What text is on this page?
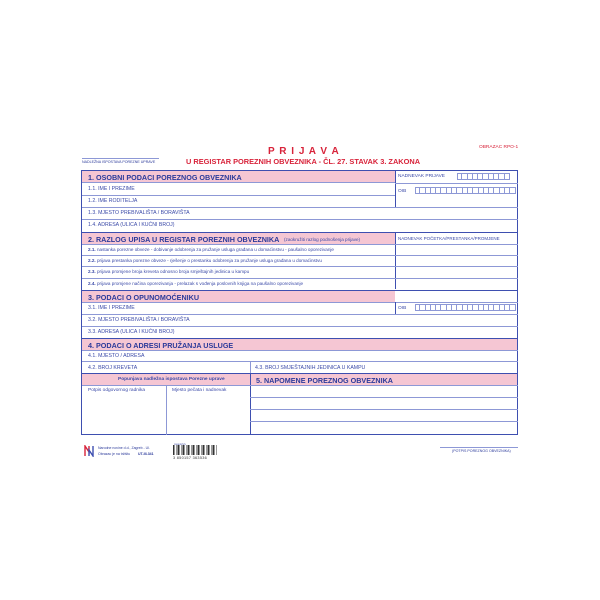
P R I J A V A
U REGISTAR POREZNIH OBVEZNIKA - ČL. 27. STAVAK 3. ZAKONA
OBRAZAC RPO-1
NADLEŽNA ISPOSTAVA POREZNE UPRAVE
1. OSOBNI PODACI POREZNOG OBVEZNIKA
1.1. IME I PREZIME
1.2. IME RODITELJA
1.3. MJESTO PREBIVALIŠTA / BORAVIŠTA
1.4. ADRESA (ULICA I KUĆNI BROJ)
NADNEVAK PRIJAVE
OIB
2. RAZLOG UPISA U REGISTAR POREZNIH OBVEZNIKA (zaokružiti razlog podnošenja prijave)	NADNEVAK POČETKA/PRESTANKA/PROMJENE
2.1. nastanka porezne obveze - dobivanje odobrenja za pružanje usluga građana u domaćinstvu - paušalno oporezivanje
2.2. prijava prestanka porezne obveze - rješenje o prestanku odobrenja za pružanje usluga građana u domaćinstvu
2.3. prijava promjene broja kreveta odnosno broja smještajnih jedinica u kampu
2.4. prijava promjene načina oporezivanja - prelazak s vođenja poslovnih knjiga na paušalno oporezivanje
3. PODACI O OPUNOMOĆENIKU
3.1. IME I PREZIME	OIB
3.2. MJESTO PREBIVALIŠTA / BORAVIŠTA
3.3. ADRESA (ULICA I KUĆNI BROJ)
4. PODACI O ADRESI PRUŽANJA USLUGE
4.1. MJESTO / ADRESA
4.2. BROJ KREVETA	4.3. BROJ SMJEŠTAJNIH JEDINICA U KAMPU
Popunjava nadležna ispostava Porezne uprave	5. NAPOMENE POREZNOG OBVEZNIKA
Potpis odgovornog radnika	Mjesto pečata i nadnevak
Narodne novine d.d., Zagreb - Ul.
Obrazac je na tržištu UT-III-341
3 850157 363536
(POTPIS POREZNOG OBVEZNIKA)
